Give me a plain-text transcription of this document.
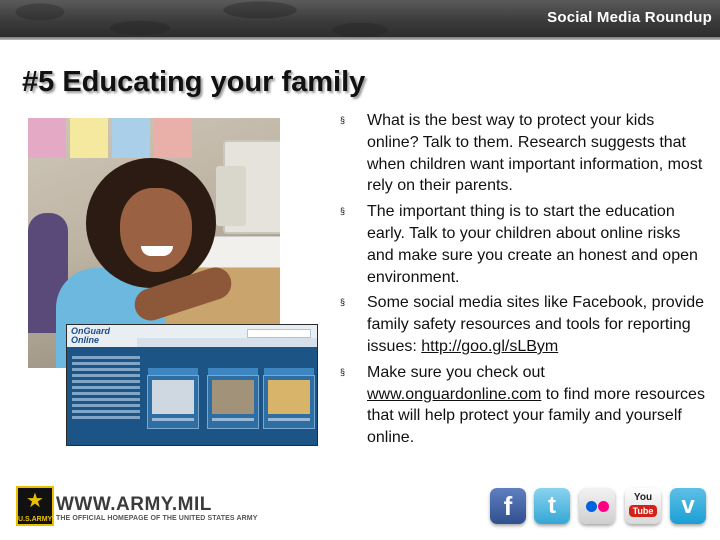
Social Media Roundup
#5 Educating your family
OnGuard
Online
§ What is the best way to protect your kids online? Talk to them. Research suggests that when children want important information, most rely on their parents.
§ The important thing is to start the education early. Talk to your children about online risks and make sure you create an honest and open environment.
§ Some social media sites like Facebook, provide family safety resources and tools for reporting issues: http://goo.gl/sLBym
§ Make sure you check out www.onguardonline.com to find more resources that will help protect your family and yourself online.
★
U.S.ARMY
WWW.ARMY.MIL
THE OFFICIAL HOMEPAGE OF THE UNITED STATES ARMY	f	t	You
Tube	v
